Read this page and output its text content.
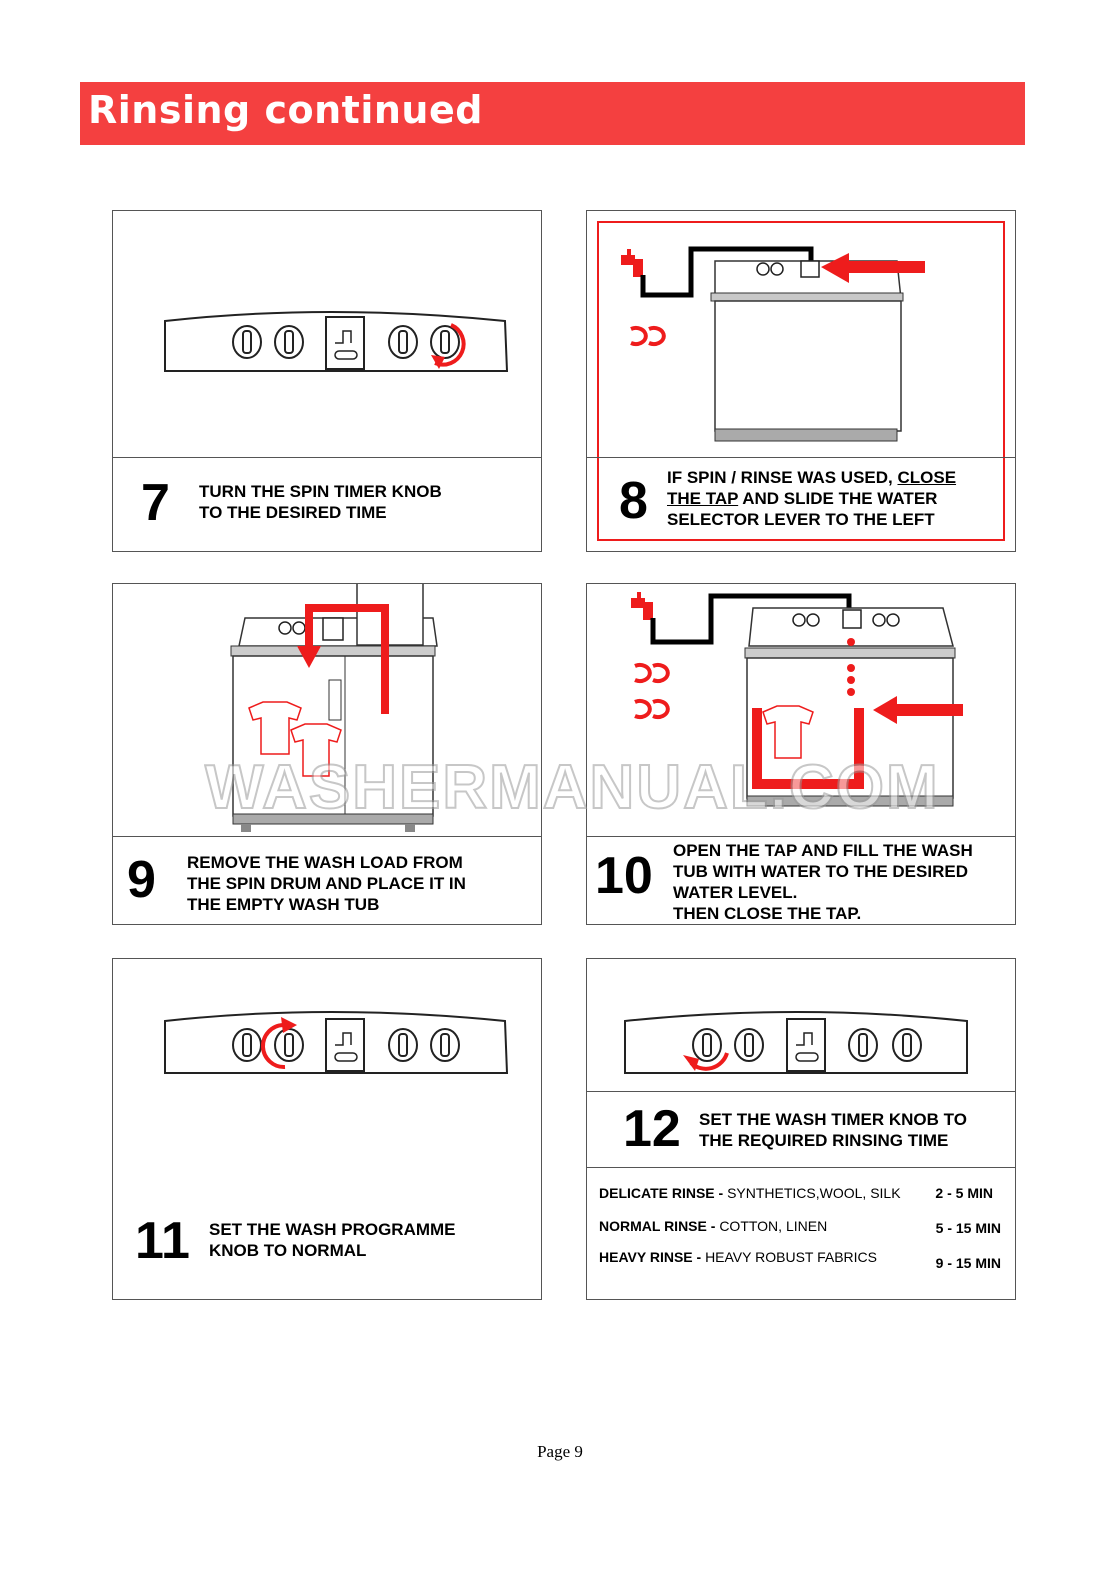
Rinsing continued
7 TURN THE SPIN TIMER KNOB
TO THE DESIRED TIME	8 IF SPIN / RINSE WAS USED, CLOSE
THE TAP AND SLIDE THE WATER
SELECTOR LEVER TO THE LEFT
9 REMOVE THE WASH LOAD FROM
THE SPIN DRUM AND PLACE IT IN
THE EMPTY WASH TUB	10 OPEN THE TAP AND FILL THE WASH
TUB WITH WATER TO THE DESIRED
WATER LEVEL.
THEN CLOSE THE TAP.
11 SET THE WASH PROGRAMME
KNOB TO NORMAL
12 SET THE WASH TIMER KNOB TO
THE REQUIRED RINSING TIME
DELICATE RINSE - SYNTHETICS,WOOL, SILK 2 - 5 MIN
NORMAL RINSE - COTTON, LINEN	5 - 15 MIN
HEAVY RINSE - HEAVY ROBUST FABRICS	9 - 15 MIN
WASHERMANUAL.COM
Page 9
